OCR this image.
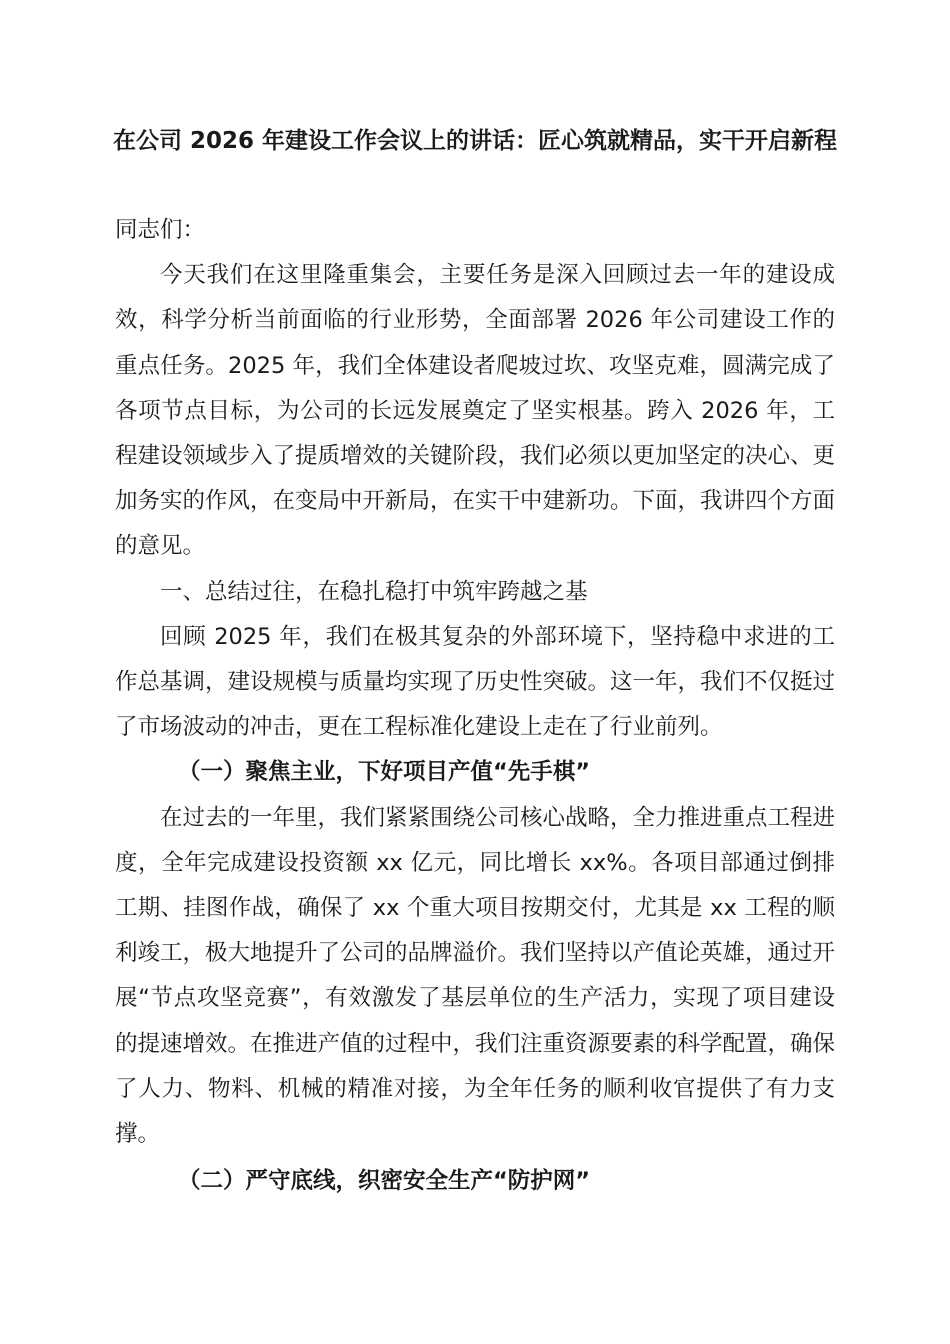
在公司 2026 年建设工作会议上的讲话：匠心筑就精品，实干开启新程

同志们：

今天我们在这里隆重集会，主要任务是深入回顾过去一年的建设成效，科学分析当前面临的行业形势，全面部署 2026 年公司建设工作的重点任务。2025 年，我们全体建设者爬坡过坎、攻坚克难，圆满完成了各项节点目标，为公司的长远发展奠定了坚实根基。跨入 2026 年，工程建设领域步入了提质增效的关键阶段，我们必须以更加坚定的决心、更加务实的作风，在变局中开新局，在实干中建新功。下面，我讲四个方面的意见。

一、总结过往，在稳扎稳打中筑牢跨越之基

回顾 2025 年，我们在极其复杂的外部环境下，坚持稳中求进的工作总基调，建设规模与质量均实现了历史性突破。这一年，我们不仅挺过了市场波动的冲击，更在工程标准化建设上走在了行业前列。

（一）聚焦主业，下好项目产值“先手棋”

在过去的一年里，我们紧紧围绕公司核心战略，全力推进重点工程进度，全年完成建设投资额 xx 亿元，同比增长 xx%。各项目部通过倒排工期、挂图作战，确保了 xx 个重大项目按期交付，尤其是 xx 工程的顺利竣工，极大地提升了公司的品牌溢价。我们坚持以产值论英雄，通过开展“节点攻坚竞赛”，有效激发了基层单位的生产活力，实现了项目建设的提速增效。在推进产值的过程中，我们注重资源要素的科学配置，确保了人力、物料、机械的精准对接，为全年任务的顺利收官提供了有力支撑。

（二）严守底线，织密安全生产“防护网”
